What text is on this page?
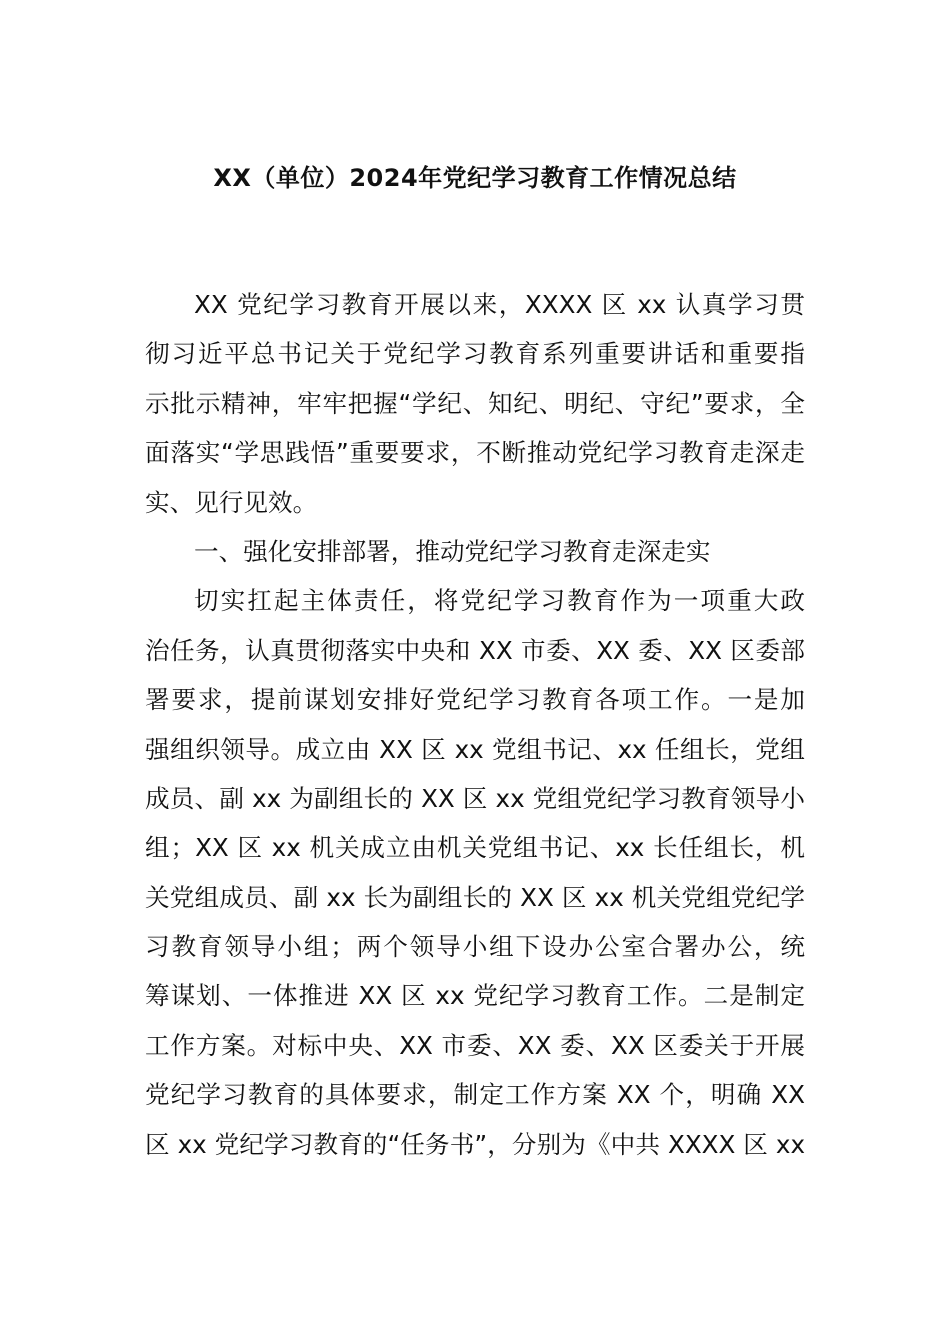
XX（单位）2024年党纪学习教育工作情况总结
XX 党纪学习教育开展以来，XXXX 区 xx 认真学习贯
彻习近平总书记关于党纪学习教育系列重要讲话和重要指
示批示精神，牢牢把握“学纪、知纪、明纪、守纪”要求，全
面落实“学思践悟”重要要求，不断推动党纪学习教育走深走
实、见行见效。
一、强化安排部署，推动党纪学习教育走深走实
切实扛起主体责任，将党纪学习教育作为一项重大政
治任务，认真贯彻落实中央和 XX 市委、XX 委、XX 区委部
署要求，提前谋划安排好党纪学习教育各项工作。一是加
强组织领导。成立由 XX 区 xx 党组书记、xx 任组长，党组
成员、副 xx 为副组长的 XX 区 xx 党组党纪学习教育领导小
组；XX 区 xx 机关成立由机关党组书记、xx 长任组长，机
关党组成员、副 xx 长为副组长的 XX 区 xx 机关党组党纪学
习教育领导小组；两个领导小组下设办公室合署办公，统
筹谋划、一体推进 XX 区 xx 党纪学习教育工作。二是制定
工作方案。对标中央、XX 市委、XX 委、XX 区委关于开展
党纪学习教育的具体要求，制定工作方案 XX 个，明确 XX
区 xx 党纪学习教育的“任务书”，分别为《中共 XXXX 区 xx
